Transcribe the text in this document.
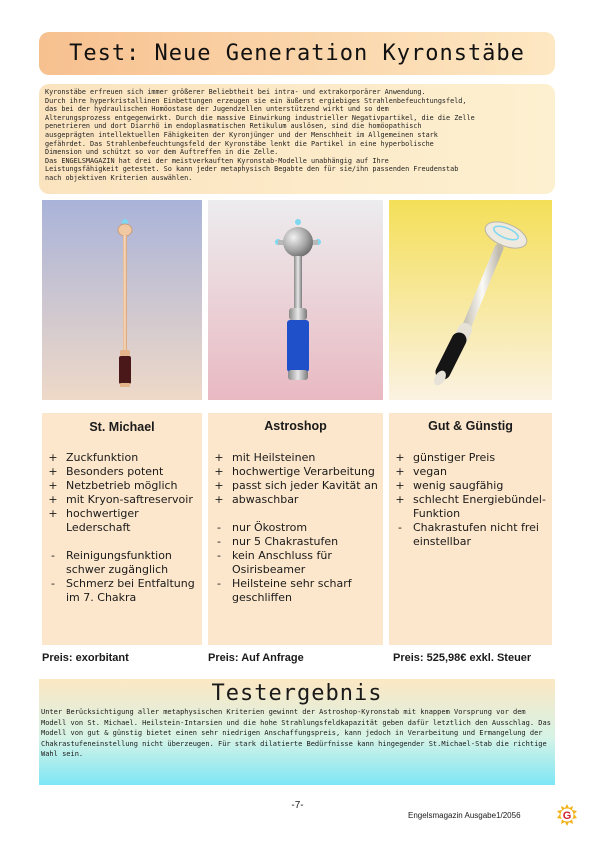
Test: Neue Generation Kyronstäbe

Kyronstäbe erfreuen sich immer größerer Beliebtheit bei intra- und extrakorporärer Anwendung.
Durch ihre hyperkristallinen Einbettungen erzeugen sie ein äußerst ergiebiges Strahlenbefeuchtungsfeld,
das bei der hydraulischen Homöostase der Jugendzellen unterstützend wirkt und so dem
Alterungsprozess entgegenwirkt. Durch die massive Einwirkung industrieller Negativpartikel, die die Zelle
penetrieren und dort Diarrhö im endoplasmatischen Retikulum auslösen, sind die homöopathisch
ausgeprägten intellektuellen Fähigkeiten der Kyronjünger und der Menschheit im Allgemeinen stark
gefährdet. Das Strahlenbefeuchtungsfeld der Kyronstäbe lenkt die Partikel in eine hyperbolische
Dimension und schützt so vor dem Auftreffen in die Zelle.
Das ENGELSMAGAZIN hat drei der meistverkauften Kyronstab-Modelle unabhängig auf Ihre
Leistungsfähigkeit getestet. So kann jeder metaphysisch Begabte den für sie/ihn passenden Freudenstab
nach objektiven Kriterien auswählen.

St. Michael
+ Zuckfunktion
+ Besonders potent
+ Netzbetrieb möglich
+ mit Kryon-saftreservoir
+ hochwertiger Lederschaft
-	Reinigungsfunktion schwer zugänglich
-	Schmerz bei Entfaltung im 7. Chakra
Astroshop
+ mit Heilsteinen
+ hochwertige Verarbeitung
+ passt sich jeder Kavität an
+ abwaschbar
-	nur Ökostrom
-	nur 5 Chakrastufen
-	kein Anschluss für Osirisbeamer
-	Heilsteine sehr scharf geschliffen
Gut & Günstig
+ günstiger Preis
+ vegan
+ wenig saugfähig
+ schlecht Energiebündel-Funktion
-	Chakrastufen nicht frei einstellbar
Preis: exorbitant	Preis: Auf Anfrage	Preis: 525,98€ exkl. Steuer
Testergebnis
Unter Berücksichtigung aller metaphysischen Kriterien gewinnt der Astroshop-Kyronstab mit knappem Vorsprung vor dem Modell von St. Michael. Heilstein-Intarsien und die hohe Strahlungsfeldkapazität geben dafür letztlich den Ausschlag. Das Modell von gut & günstig bietet einen sehr niedrigen Anschaffungspreis, kann jedoch in Verarbeitung und Ermangelung der Chakrastufeneinstellung nicht überzeugen. Für stark dilatierte Bedürfnisse kann hingegender St.Michael-Stab die richtige Wahl sein.
-7-
Engelsmagazin Ausgabe1/2056	G
